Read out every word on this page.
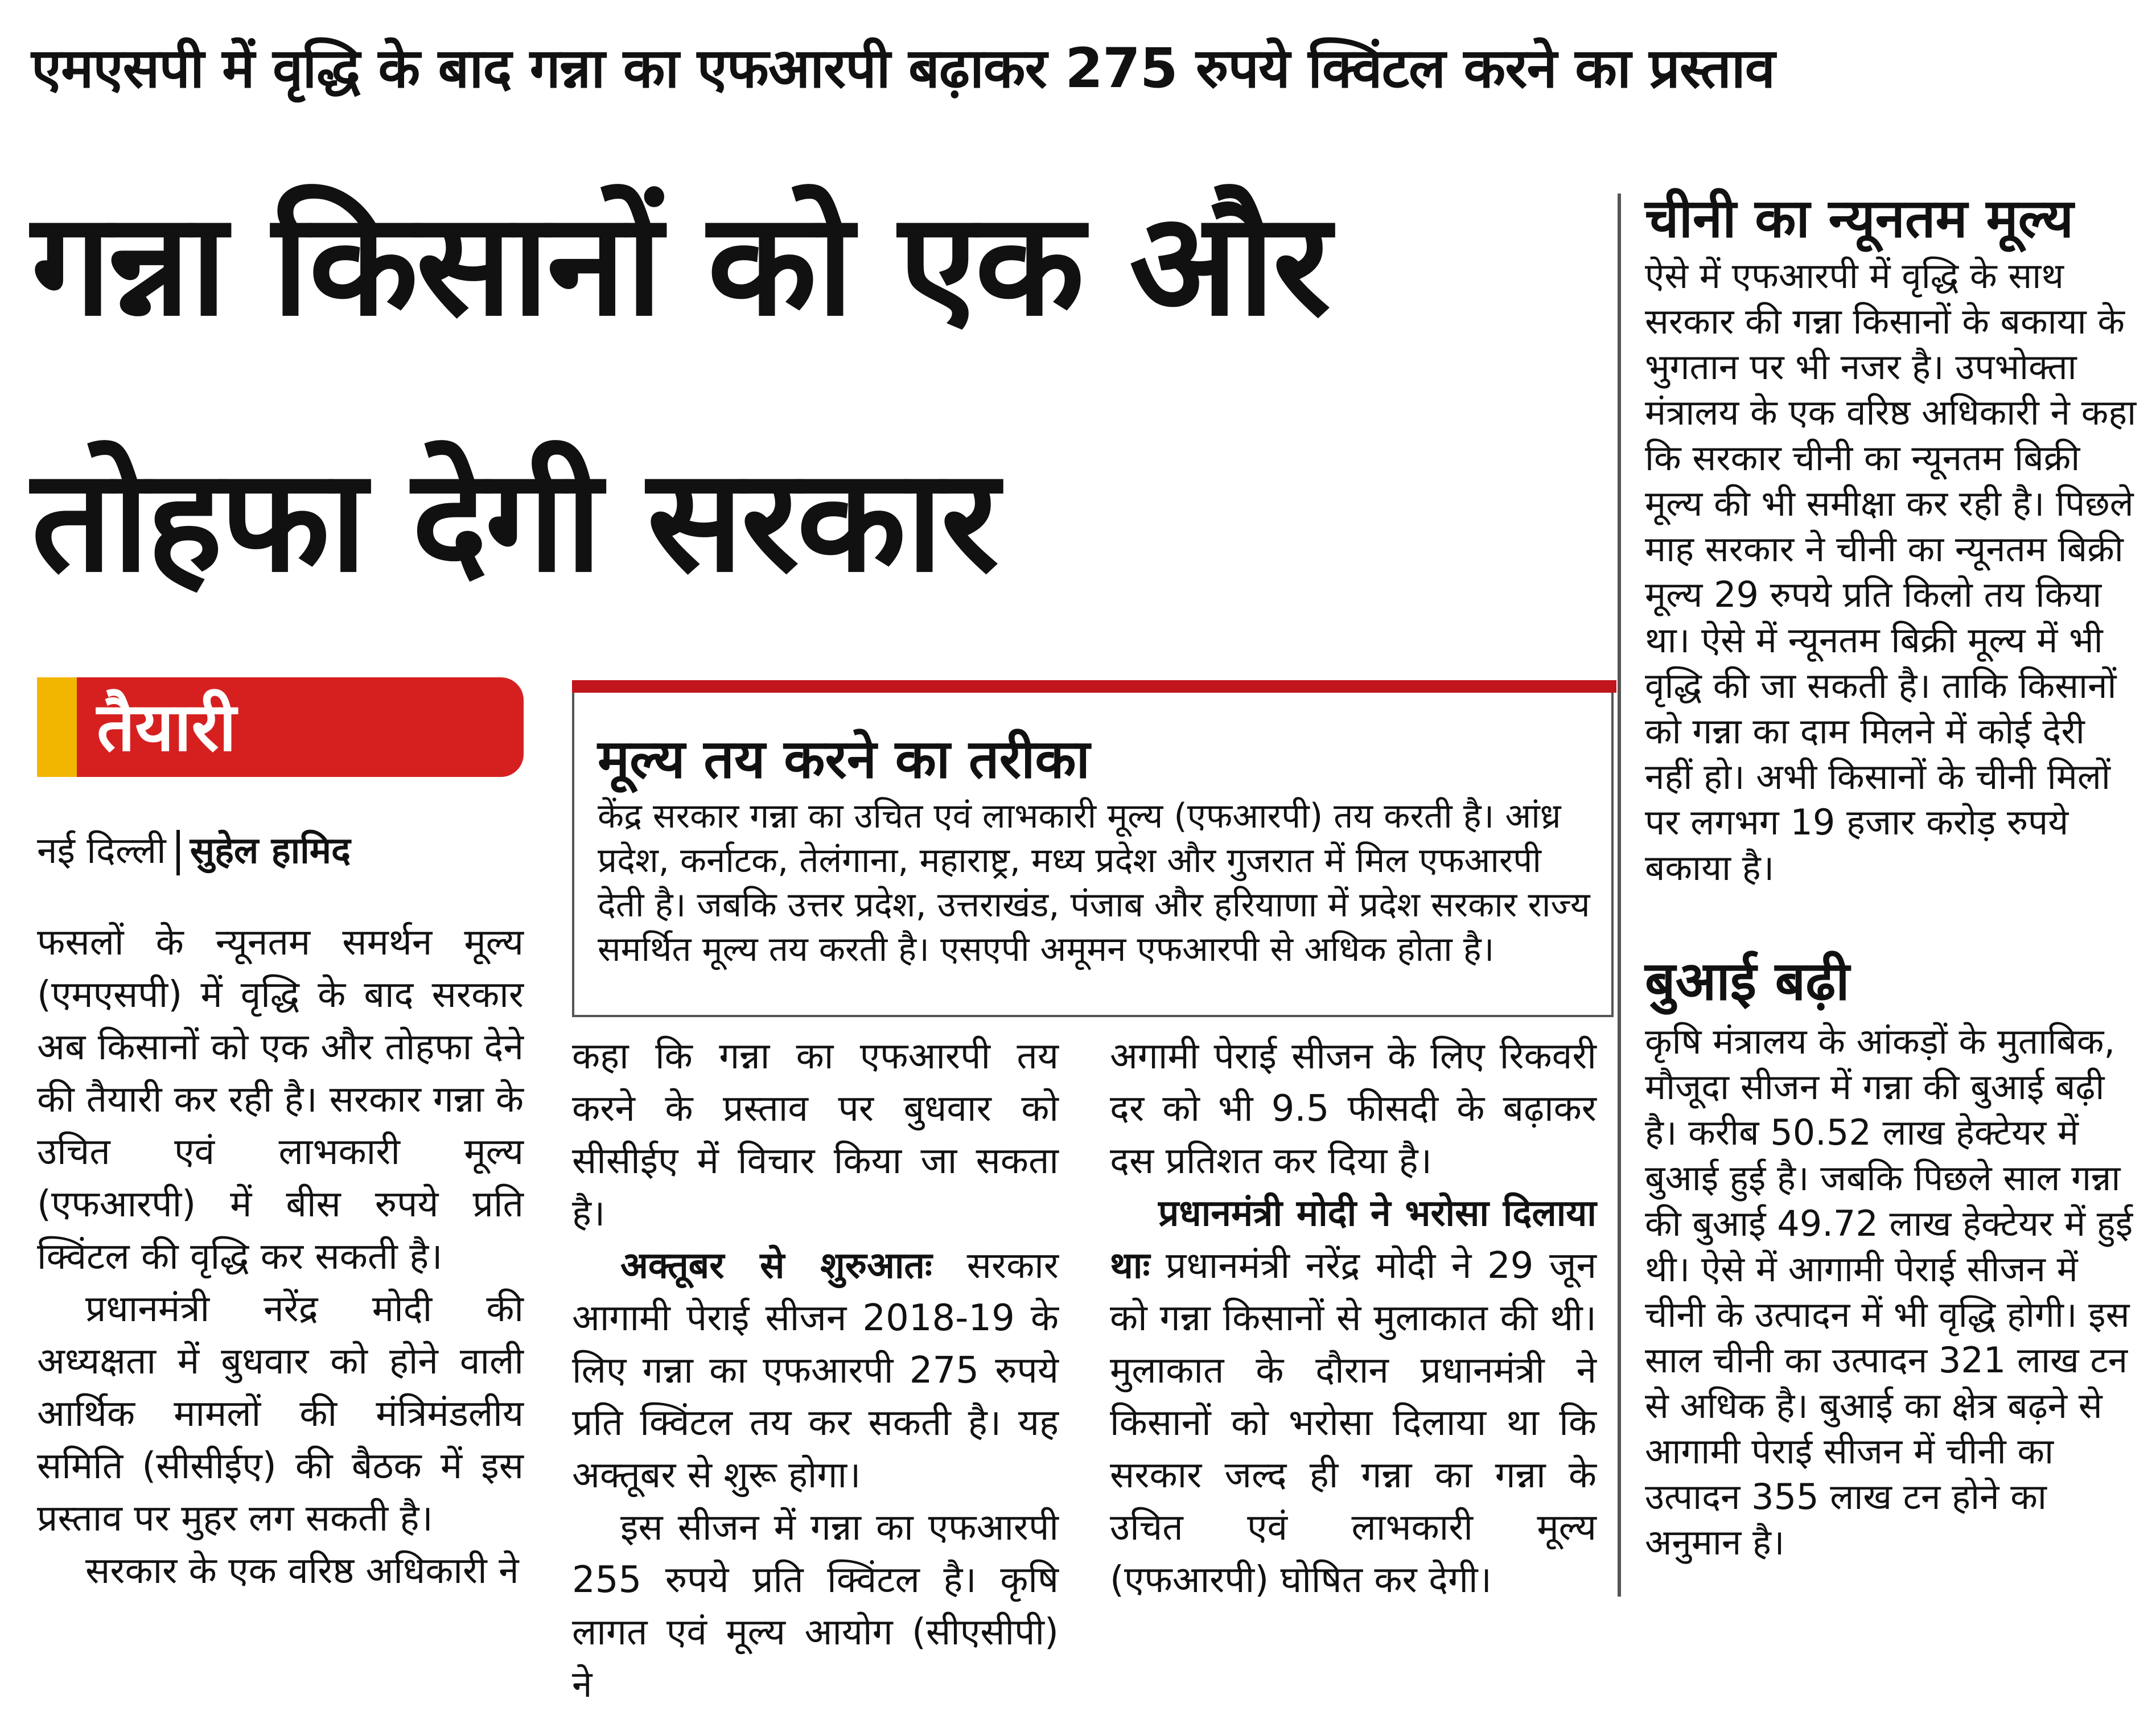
एमएसपी में वृद्धि के बाद गन्ना का एफआरपी बढ़ाकर 275 रुपये क्विंटल करने का प्रस्ताव
गन्ना किसानों को एक और तोहफा देगी सरकार
तैयारी
नई दिल्ली सुहेल हामिद
मूल्य तय करने का तरीका
केंद्र सरकार गन्ना का उचित एवं लाभकारी मूल्य (एफआरपी) तय करती है। आंध्र प्रदेश, कर्नाटक, तेलंगाना, महाराष्ट्र, मध्य प्रदेश और गुजरात में मिल एफआरपी देती है। जबकि उत्तर प्रदेश, उत्तराखंड, पंजाब और हरियाणा में प्रदेश सरकार राज्य समर्थित मूल्य तय करती है। एसएपी अमूमन एफआरपी से अधिक होता है।

फसलों के न्यूनतम समर्थन मूल्य (एमएसपी) में वृद्धि के बाद सरकार अब किसानों को एक और तोहफा देने की तैयारी कर रही है। सरकार गन्ना के उचित एवं लाभकारी मूल्य (एफआरपी) में बीस रुपये प्रति क्विंटल की वृद्धि कर सकती है।

प्रधानमंत्री नरेंद्र मोदी की अध्यक्षता में बुधवार को होने वाली आर्थिक मामलों की मंत्रिमंडलीय समिति (सीसीईए) की बैठक में इस प्रस्ताव पर मुहर लग सकती है।

सरकार के एक वरिष्ठ अधिकारी ने

कहा कि गन्ना का एफआरपी तय करने के प्रस्ताव पर बुधवार को सीसीईए में विचार किया जा सकता है।

अक्तूबर से शुरुआतः सरकार आगामी पेराई सीजन 2018-19 के लिए गन्ना का एफआरपी 275 रुपये प्रति क्विंटल तय कर सकती है। यह अक्तूबर से शुरू होगा।

इस सीजन में गन्ना का एफआरपी 255 रुपये प्रति क्विंटल है। कृषि लागत एवं मूल्य आयोग (सीएसीपी) ने

अगामी पेराई सीजन के लिए रिकवरी दर को भी 9.5 फीसदी के बढ़ाकर दस प्रतिशत कर दिया है।

प्रधानमंत्री मोदी ने भरोसा दिलाया थाः प्रधानमंत्री नरेंद्र मोदी ने 29 जून को गन्ना किसानों से मुलाकात की थी। मुलाकात के दौरान प्रधानमंत्री ने किसानों को भरोसा दिलाया था कि सरकार जल्द ही गन्ना का गन्ना के उचित एवं लाभकारी मूल्य (एफआरपी) घोषित कर देगी।

चीनी का न्यूनतम मूल्य
ऐसे में एफआरपी में वृद्धि के साथ सरकार की गन्ना किसानों के बकाया के भुगतान पर भी नजर है। उपभोक्ता मंत्रालय के एक वरिष्ठ अधिकारी ने कहा कि सरकार चीनी का न्यूनतम बिक्री मूल्य की भी समीक्षा कर रही है। पिछले माह सरकार ने चीनी का न्यूनतम बिक्री मूल्य 29 रुपये प्रति किलो तय किया था। ऐसे में न्यूनतम बिक्री मूल्य में भी वृद्धि की जा सकती है। ताकि किसानों को गन्ना का दाम मिलने में कोई देरी नहीं हो। अभी किसानों के चीनी मिलों पर लगभग 19 हजार करोड़ रुपये बकाया है।
बुआई बढ़ी
कृषि मंत्रालय के आंकड़ों के मुताबिक, मौजूदा सीजन में गन्ना की बुआई बढ़ी है। करीब 50.52 लाख हेक्टेयर में बुआई हुई है। जबकि पिछले साल गन्ना की बुआई 49.72 लाख हेक्टेयर में हुई थी। ऐसे में आगामी पेराई सीजन में चीनी के उत्पादन में भी वृद्धि होगी। इस साल चीनी का उत्पादन 321 लाख टन से अधिक है। बुआई का क्षेत्र बढ़ने से आगामी पेराई सीजन में चीनी का उत्पादन 355 लाख टन होने का अनुमान है।
